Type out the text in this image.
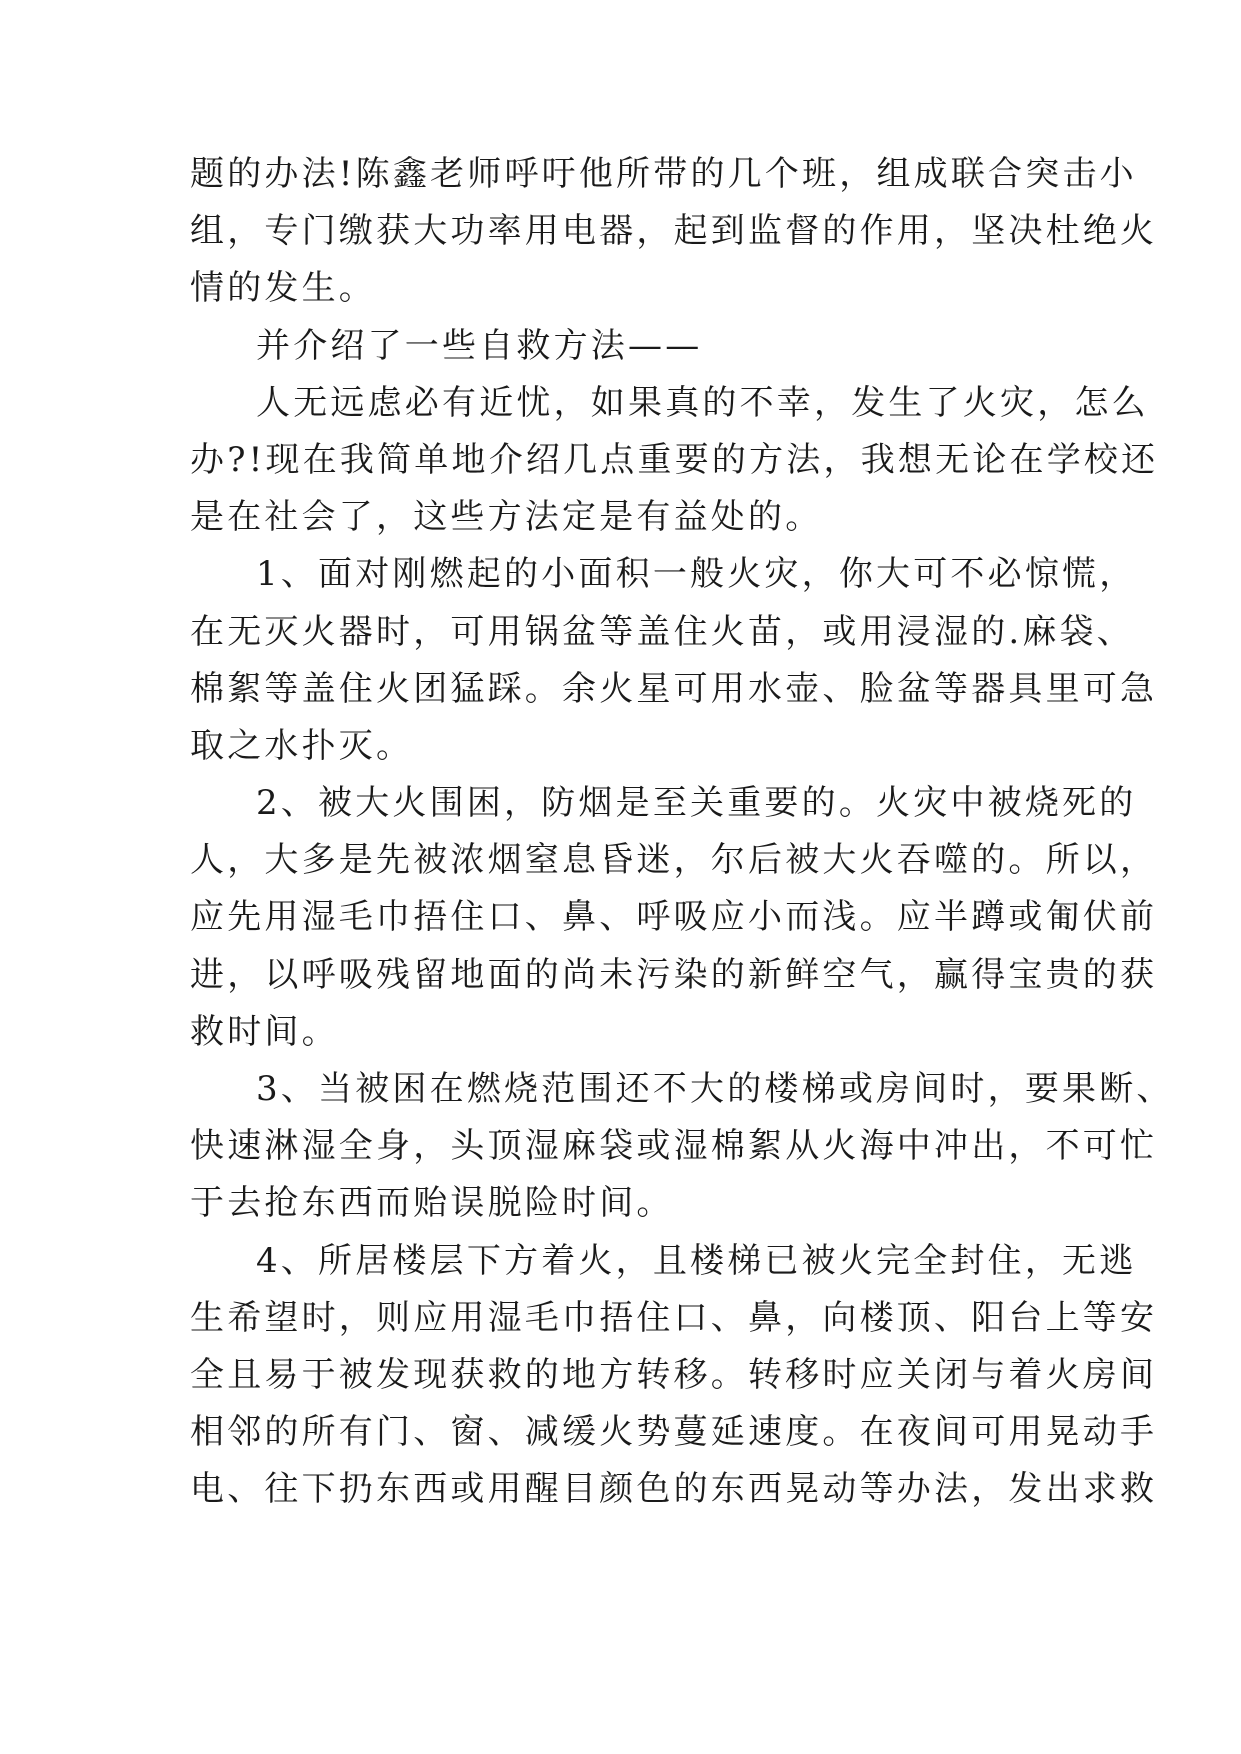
题的办法!陈鑫老师呼吁他所带的几个班，组成联合突击小
组，专门缴获大功率用电器，起到监督的作用，坚决杜绝火
情的发生。
并介绍了一些自救方法——
人无远虑必有近忧，如果真的不幸，发生了火灾，怎么
办?!现在我简单地介绍几点重要的方法，我想无论在学校还
是在社会了，这些方法定是有益处的。
1、面对刚燃起的小面积一般火灾，你大可不必惊慌，
在无灭火器时，可用锅盆等盖住火苗，或用浸湿的.麻袋、
棉絮等盖住火团猛踩。余火星可用水壶、脸盆等器具里可急
取之水扑灭。
2、被大火围困，防烟是至关重要的。火灾中被烧死的
人，大多是先被浓烟窒息昏迷，尔后被大火吞噬的。所以，
应先用湿毛巾捂住口、鼻、呼吸应小而浅。应半蹲或匍伏前
进，以呼吸残留地面的尚未污染的新鲜空气，赢得宝贵的获
救时间。
3、当被困在燃烧范围还不大的楼梯或房间时，要果断、
快速淋湿全身，头顶湿麻袋或湿棉絮从火海中冲出，不可忙
于去抢东西而贻误脱险时间。
4、所居楼层下方着火，且楼梯已被火完全封住，无逃
生希望时，则应用湿毛巾捂住口、鼻，向楼顶、阳台上等安
全且易于被发现获救的地方转移。转移时应关闭与着火房间
相邻的所有门、窗、减缓火势蔓延速度。在夜间可用晃动手
电、往下扔东西或用醒目颜色的东西晃动等办法，发出求救
